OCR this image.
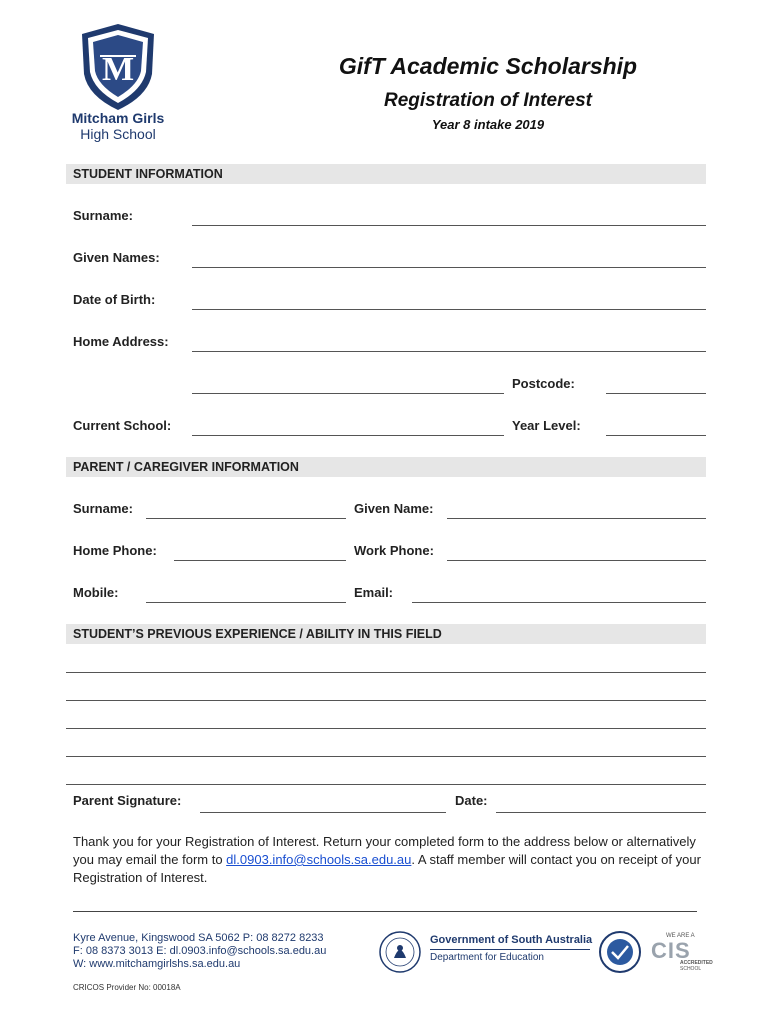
M
Mitcham Girls
High School
GifT Academic Scholarship
Registration of Interest
Year 8 intake 2019
STUDENT INFORMATION
Surname:
Given Names:
Date of Birth:
Home Address:
Postcode:
Current School:	Year Level:
PARENT / CAREGIVER INFORMATION
Surname:	Given Name:
Home Phone:	Work Phone:
Mobile:	Email:
STUDENT’S PREVIOUS EXPERIENCE / ABILITY IN THIS FIELD
Parent Signature:	Date:
Thank you for your Registration of Interest. Return your completed form to the address below or alternatively you may email the form to dl.0903.info@schools.sa.edu.au. A staff member will contact you on receipt of your Registration of Interest.
Kyre Avenue, Kingswood SA 5062 P: 08 8272 8233
F: 08 8373 3013 E: dl.0903.info@schools.sa.edu.au
W: www.mitchamgirlshs.sa.edu.au
CRICOS Provider No: 00018A
Government of South Australia
Department for Education
WE ARE A
CIS
ACCREDITED
SCHOOL
